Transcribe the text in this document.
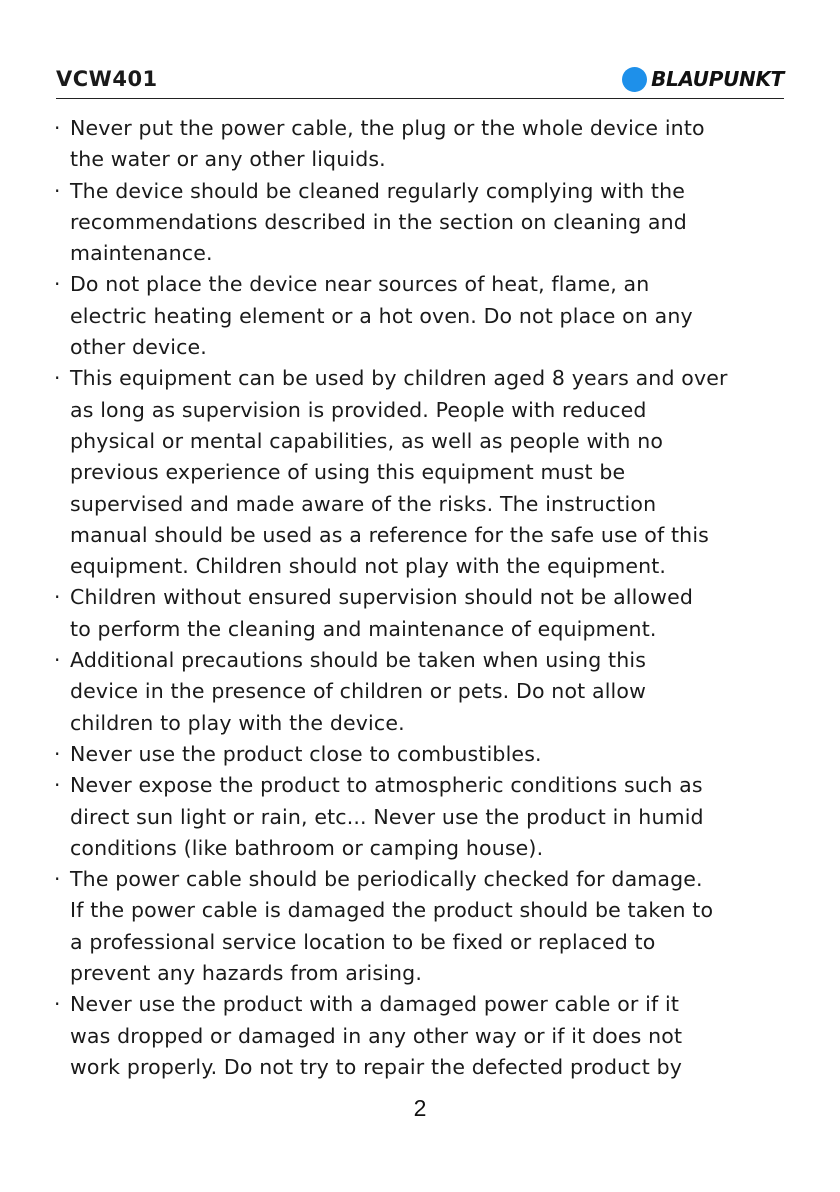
VCW401	BLAUPUNKT
· Never put the power cable, the plug or the whole device into
the water or any other liquids.
· The device should be cleaned regularly complying with the
recommendations described in the section on cleaning and
maintenance.
· Do not place the device near sources of heat, flame, an
electric heating element or a hot oven. Do not place on any
other device.
· This equipment can be used by children aged 8 years and over
as long as supervision is provided. People with reduced
physical or mental capabilities, as well as people with no
previous experience of using this equipment must be
supervised and made aware of the risks. The instruction
manual should be used as a reference for the safe use of this
equipment. Children should not play with the equipment.
· Children without ensured supervision should not be allowed
to perform the cleaning and maintenance of equipment.
· Additional precautions should be taken when using this
device in the presence of children or pets. Do not allow
children to play with the device.
· Never use the product close to combustibles.
· Never expose the product to atmospheric conditions such as
direct sun light or rain, etc... Never use the product in humid
conditions (like bathroom or camping house).
· The power cable should be periodically checked for damage.
If the power cable is damaged the product should be taken to
a professional service location to be fixed or replaced to
prevent any hazards from arising.
· Never use the product with a damaged power cable or if it
was dropped or damaged in any other way or if it does not
work properly. Do not try to repair the defected product by
2
